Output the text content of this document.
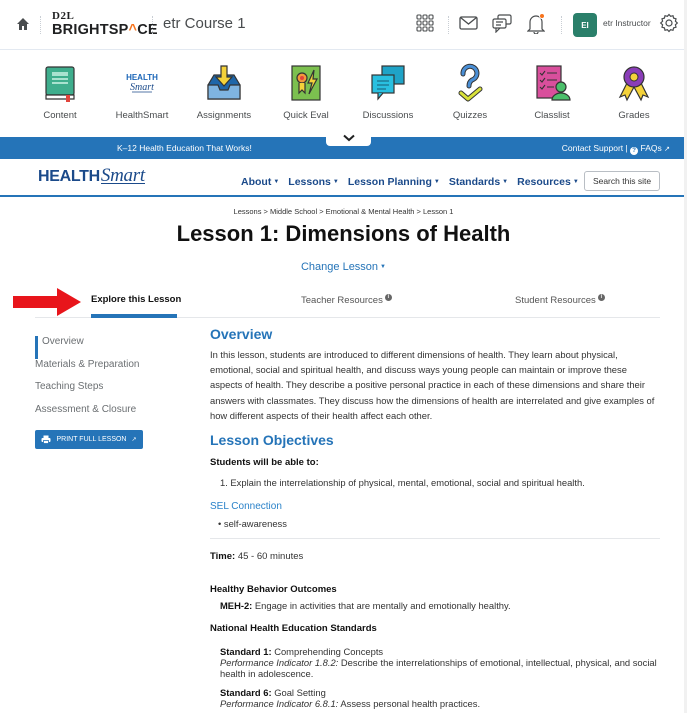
D2L
BRIGHTSP^CE etr Course 1	EI	etr Instructor
Content
HEALTH
Smart
HealthSmart	Assignments	Quick Eval	Discussions	Quizzes	Classlist	Grades
K–12 Health Education That Works!	Contact Support | ? FAQs ↗
HEALTHSmart	About ▼ Lessons ▼ Lesson Planning ▼ Standards ▼ Resources ▼	Search this site
Lessons > Middle School > Emotional & Mental Health > Lesson 1
Lesson 1: Dimensions of Health
Change Lesson ▼
Explore this Lesson	Teacher Resources i	Student Resources i
Overview
Materials & Preparation
Teaching Steps
Assessment & Closure
PRINT FULL LESSON ↗
Overview
In this lesson, students are introduced to different dimensions of health. They learn about physical, emotional, social and spiritual health, and discuss ways young people can maintain or improve these aspects of health. They describe a positive personal practice in each of these dimensions and share their answers with classmates. They discuss how the dimensions of health are interrelated and give examples of how different aspects of their health affect each other.
Lesson Objectives
Students will be able to:
1. Explain the interrelationship of physical, mental, emotional, social and spiritual health.
SEL Connection
• self-awareness
Time: 45 - 60 minutes
Healthy Behavior Outcomes
MEH-2: Engage in activities that are mentally and emotionally healthy.
National Health Education Standards
Standard 1: Comprehending Concepts
Performance Indicator 1.8.2: Describe the interrelationships of emotional, intellectual, physical, and social health in adolescence.
Standard 6: Goal Setting
Performance Indicator 6.8.1: Assess personal health practices.
